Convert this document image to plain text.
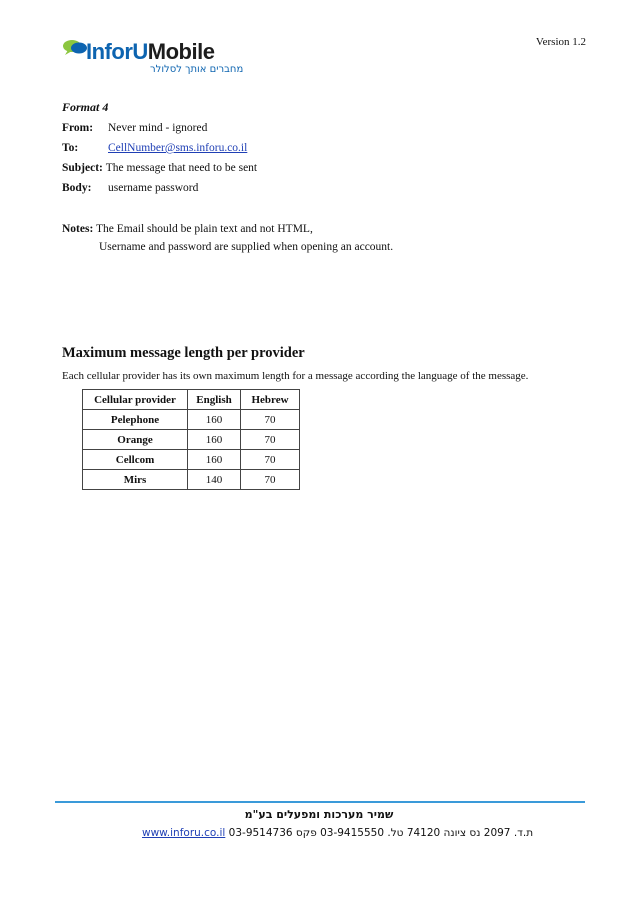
Version 1.2
InforUMobile
מחברים אותך לסלולר
Format 4
From: Never mind - ignored
To:	CellNumber@sms.inforu.co.il
Subject: The message that need to be sent
Body: username password
Notes: The Email should be plain text and not HTML,
Username and password are supplied when opening an account.
Maximum message length per provider
Each cellular provider has its own maximum length for a message according the language of the message.
Cellular provider	English	Hebrew
Pelephone	160	70
Orange	160	70
Cellcom	160	70
Mirs	140	70
שמיר מערכות ומפעלים בע"מ
www.inforu.co.il ת.ד. 2097 נס ציונה 74120 טל. 03-9415550 פקס 03-9514736
